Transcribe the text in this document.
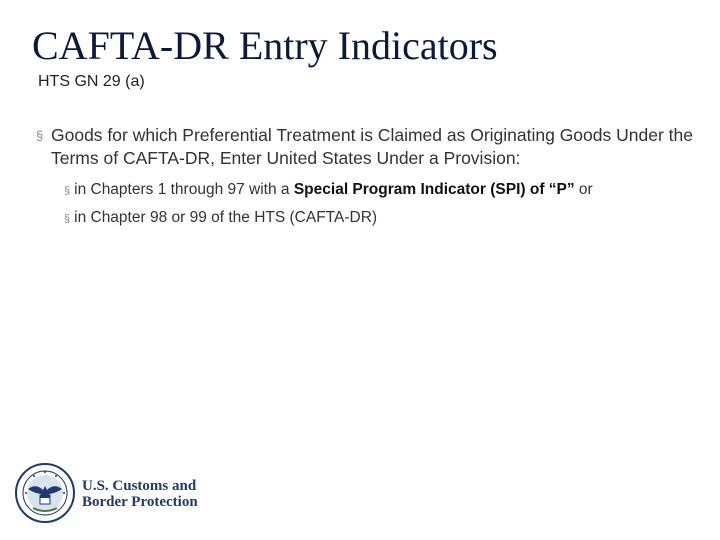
CAFTA-DR Entry Indicators
HTS GN 29 (a)
§ Goods for which Preferential Treatment is Claimed as Originating Goods Under the Terms of CAFTA-DR, Enter United States Under a Provision:
§ in Chapters 1 through 97 with a Special Program Indicator (SPI) of “P” or
§ in Chapter 98 or 99 of the HTS (CAFTA-DR)
U.S. Customs and
Border Protection
